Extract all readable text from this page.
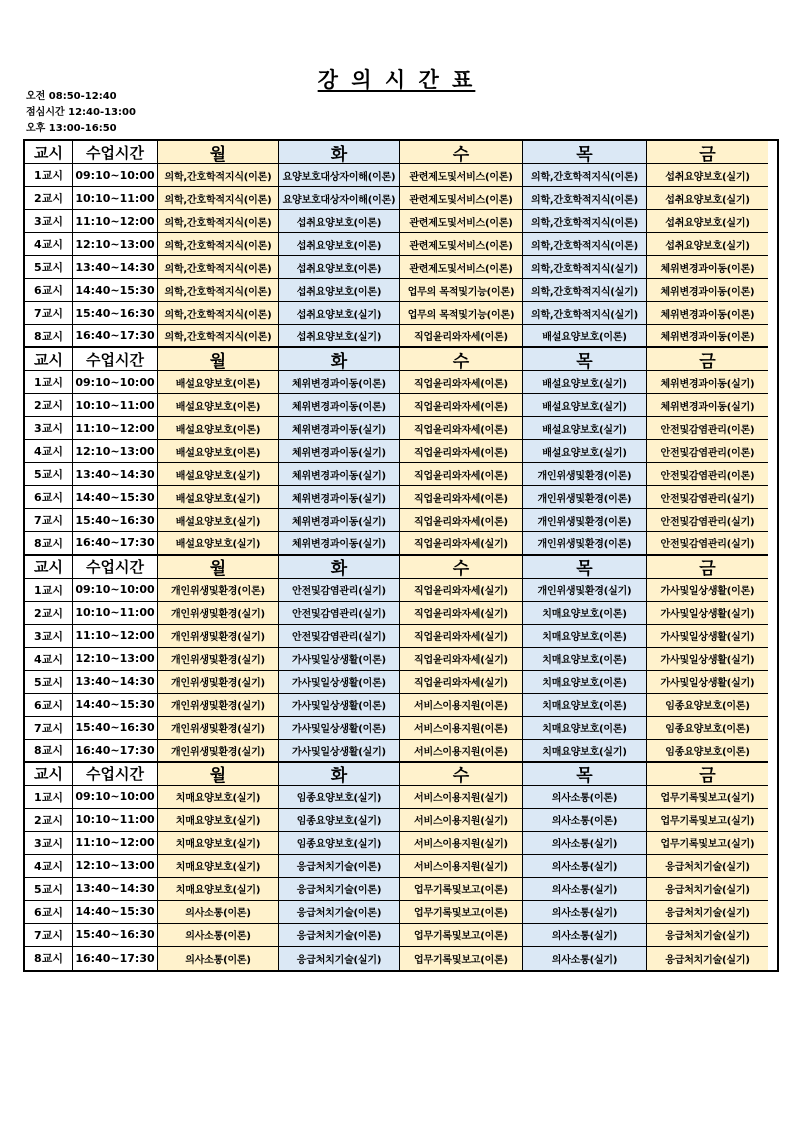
강 의 시 간 표
오전 08:50-12:40
점심시간 12:40-13:00
오후 13:00-16:50
교시	수업시간	월	화	수	목	금
1교시	09:10~10:00 의학,간호학적지식(이론)	요양보호대상자이해(이론)	관련제도및서비스(이론)	의학,간호학적지식(이론)	섭취요양보호(실기)
2교시	10:10~11:00 의학,간호학적지식(이론)	요양보호대상자이해(이론)	관련제도및서비스(이론)	의학,간호학적지식(이론)	섭취요양보호(실기)
3교시	11:10~12:00 의학,간호학적지식(이론)	섭취요양보호(이론)	관련제도및서비스(이론)	의학,간호학적지식(이론)	섭취요양보호(실기)
4교시	12:10~13:00 의학,간호학적지식(이론)	섭취요양보호(이론)	관련제도및서비스(이론)	의학,간호학적지식(이론)	섭취요양보호(실기)
5교시	13:40~14:30 의학,간호학적지식(이론)	섭취요양보호(이론)	관련제도및서비스(이론)	의학,간호학적지식(실기)	체위변경과이동(이론)
6교시	14:40~15:30 의학,간호학적지식(이론)	섭취요양보호(이론)	업무의 목적및기능(이론)	의학,간호학적지식(실기)	체위변경과이동(이론)
7교시	15:40~16:30 의학,간호학적지식(이론)	섭취요양보호(실기)	업무의 목적및기능(이론)	의학,간호학적지식(실기)	체위변경과이동(이론)
8교시	16:40~17:30 의학,간호학적지식(이론)	섭취요양보호(실기)	직업윤리와자세(이론)	배설요양보호(이론)	체위변경과이동(이론)
교시	수업시간	월	화	수	목	금
1교시	09:10~10:00	배설요양보호(이론)	체위변경과이동(이론)	직업윤리와자세(이론)	배설요양보호(실기)	체위변경과이동(실기)
2교시	10:10~11:00	배설요양보호(이론)	체위변경과이동(이론)	직업윤리와자세(이론)	배설요양보호(실기)	체위변경과이동(실기)
3교시	11:10~12:00	배설요양보호(이론)	체위변경과이동(실기)	직업윤리와자세(이론)	배설요양보호(실기)	안전및감염관리(이론)
4교시	12:10~13:00	배설요양보호(이론)	체위변경과이동(실기)	직업윤리와자세(이론)	배설요양보호(실기)	안전및감염관리(이론)
5교시	13:40~14:30	배설요양보호(실기)	체위변경과이동(실기)	직업윤리와자세(이론)	개인위생및환경(이론)	안전및감염관리(이론)
6교시	14:40~15:30	배설요양보호(실기)	체위변경과이동(실기)	직업윤리와자세(이론)	개인위생및환경(이론)	안전및감염관리(실기)
7교시	15:40~16:30	배설요양보호(실기)	체위변경과이동(실기)	직업윤리와자세(이론)	개인위생및환경(이론)	안전및감염관리(실기)
8교시	16:40~17:30	배설요양보호(실기)	체위변경과이동(실기)	직업윤리와자세(실기)	개인위생및환경(이론)	안전및감염관리(실기)
교시	수업시간	월	화	수	목	금
1교시	09:10~10:00	개인위생및환경(이론)	안전및감염관리(실기)	직업윤리와자세(실기)	개인위생및환경(실기)	가사및일상생활(이론)
2교시	10:10~11:00	개인위생및환경(실기)	안전및감염관리(실기)	직업윤리와자세(실기)	치매요양보호(이론)	가사및일상생활(실기)
3교시	11:10~12:00	개인위생및환경(실기)	안전및감염관리(실기)	직업윤리와자세(실기)	치매요양보호(이론)	가사및일상생활(실기)
4교시	12:10~13:00	개인위생및환경(실기)	가사및일상생활(이론)	직업윤리와자세(실기)	치매요양보호(이론)	가사및일상생활(실기)
5교시	13:40~14:30	개인위생및환경(실기)	가사및일상생활(이론)	직업윤리와자세(실기)	치매요양보호(이론)	가사및일상생활(실기)
6교시	14:40~15:30	개인위생및환경(실기)	가사및일상생활(이론)	서비스이용지원(이론)	치매요양보호(이론)	임종요양보호(이론)
7교시	15:40~16:30	개인위생및환경(실기)	가사및일상생활(이론)	서비스이용지원(이론)	치매요양보호(이론)	임종요양보호(이론)
8교시	16:40~17:30	개인위생및환경(실기)	가사및일상생활(실기)	서비스이용지원(이론)	치매요양보호(실기)	임종요양보호(이론)
교시	수업시간	월	화	수	목	금
1교시	09:10~10:00	치매요양보호(실기)	임종요양보호(실기)	서비스이용지원(실기)	의사소통(이론)	업무기록및보고(실기)
2교시	10:10~11:00	치매요양보호(실기)	임종요양보호(실기)	서비스이용지원(실기)	의사소통(이론)	업무기록및보고(실기)
3교시	11:10~12:00	치매요양보호(실기)	임종요양보호(실기)	서비스이용지원(실기)	의사소통(실기)	업무기록및보고(실기)
4교시	12:10~13:00	치매요양보호(실기)	응급처치기술(이론)	서비스이용지원(실기)	의사소통(실기)	응급처치기술(실기)
5교시	13:40~14:30	치매요양보호(실기)	응급처치기술(이론)	업무기록및보고(이론)	의사소통(실기)	응급처치기술(실기)
6교시	14:40~15:30	의사소통(이론)	응급처치기술(이론)	업무기록및보고(이론)	의사소통(실기)	응급처치기술(실기)
7교시	15:40~16:30	의사소통(이론)	응급처치기술(이론)	업무기록및보고(이론)	의사소통(실기)	응급처치기술(실기)
8교시	16:40~17:30	의사소통(이론)	응급처치기술(실기)	업무기록및보고(이론)	의사소통(실기)	응급처치기술(실기)
